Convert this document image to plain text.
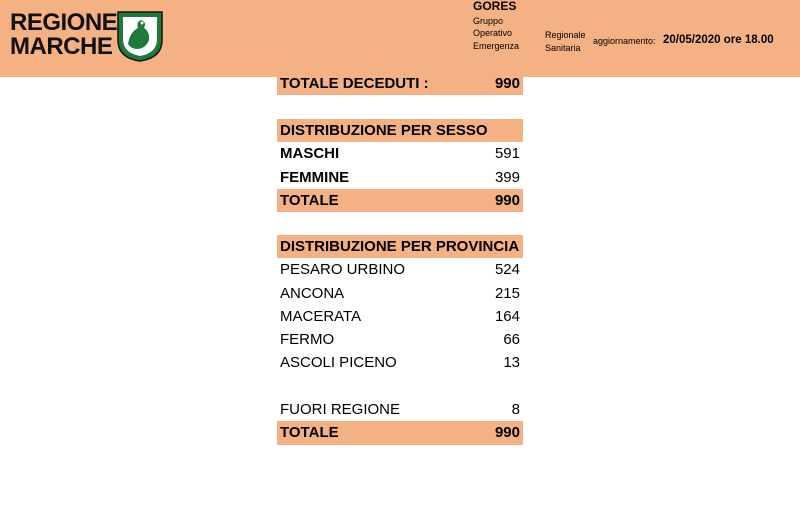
REGIONE
MARCHE
GORES
Gruppo
Operativo
Emergenza
Regionale
Sanitaria
aggiornamento: 20/05/2020 ore 18.00
TOTALE DECEDUTI :	990
DISTRIBUZIONE PER SESSO
MASCHI	591
FEMMINE	399
TOTALE	990
DISTRIBUZIONE PER PROVINCIA
PESARO URBINO	524
ANCONA	215
MACERATA	164
FERMO	66
ASCOLI PICENO	13
FUORI REGIONE	8
TOTALE	990
